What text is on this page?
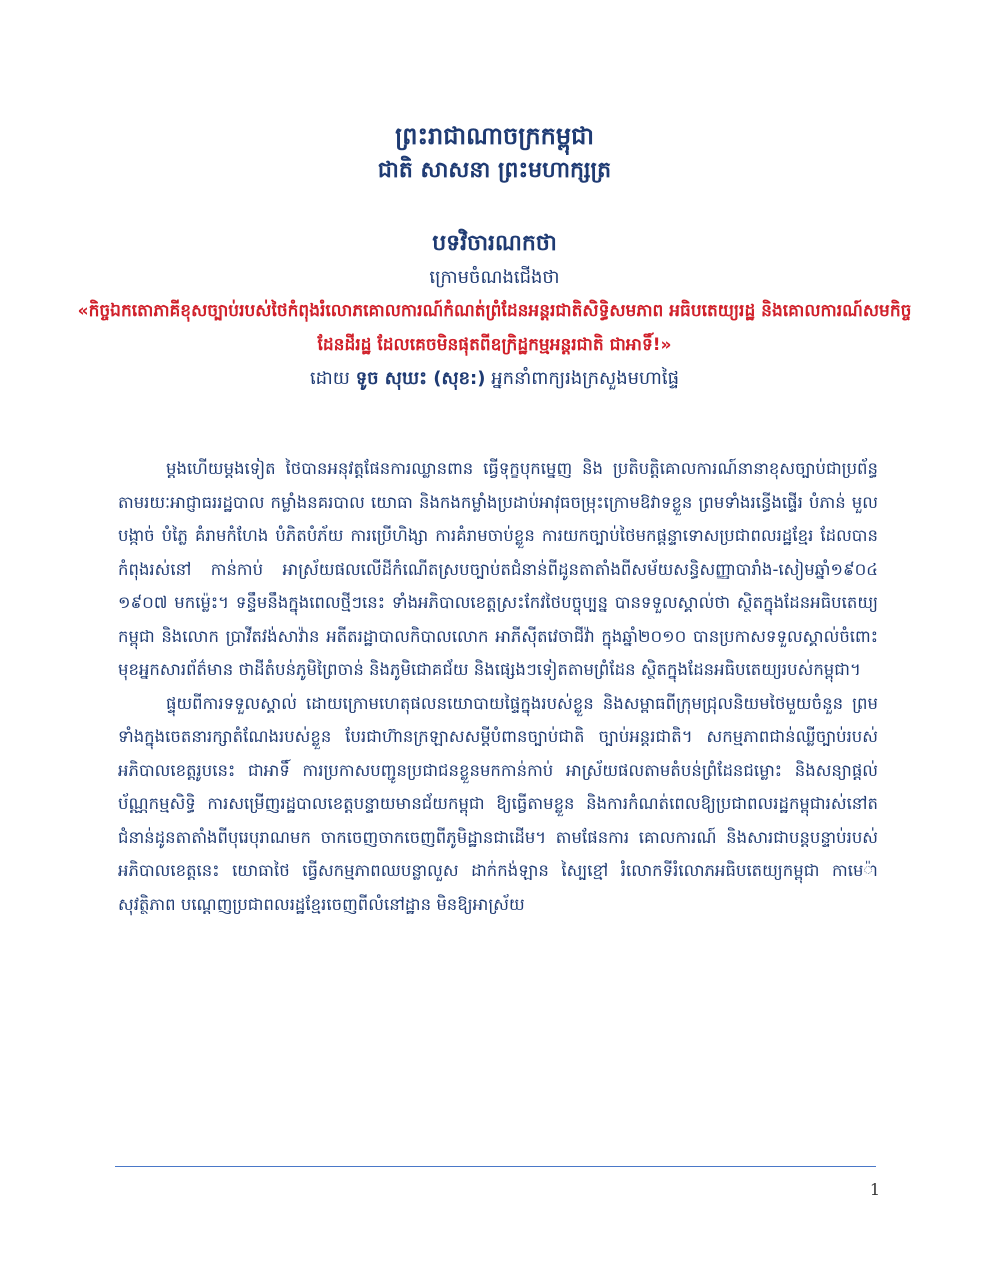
ព្រះរាជាណាចក្រកម្ពុជា
ជាតិ សាសនា ព្រះមហាក្សត្រ
បទវិចារណកថា
ក្រោមចំណងជើងថា
«កិច្ចឯកតោភាគីខុសច្បាប់របស់ថៃកំពុងរំលោភគោលការណ៍កំណត់ព្រំដែនអន្តរជាតិសិទ្ធិសមភាព អធិបតេយ្យរដ្ឋ និងគោលការណ៍សមកិច្ចដែនដីរដ្ឋ ដែលគេចមិនផុតពីឧក្រិដ្ឋកម្មអន្តរជាតិ ជាអាទិ៍!»
ដោយ ទូច សុឃះ (សុខ:) អ្នកនាំពាក្យរងក្រសួងមហាផ្ទៃ

ម្តងហើយម្តងទៀត ថៃបានអនុវត្តផែនការឈ្លានពាន ធ្វើទុក្ខបុកម្នេញ និង ប្រតិបត្តិគោលការណ៍នានាខុសច្បាប់ជាប្រព័ន្ធតាមរយៈអាជ្ញាធររដ្ឋបាល កម្លាំងនគរបាល យោធា និងកងកម្លាំងប្រដាប់អាវុធចម្រុះក្រោមឱវាទខ្លួន ព្រមទាំងរន្ធើងផ្ទើរ បំភាន់ មួលបង្កាច់ បំភ្លៃ គំរាមកំហែង បំភិតបំភ័យ ការប្រើហិង្សា ការគំរាមចាប់ខ្លួន ការយកច្បាប់ថៃមកផ្តន្ទាទោសប្រជាពលរដ្ឋខ្មែរ ដែលបានកំពុងរស់នៅ កាន់កាប់ អាស្រ័យផលលើដីកំណើតស្របច្បាប់តជំនាន់ពីដូនតាតាំងពីសម័យសន្ធិសញ្ញាបារាំង-សៀមឆ្នាំ១៩០៤ ១៩០៧ មកម៉្លេះ។ ទន្ទឹមនឹងក្នុងពេលថ្មីៗនេះ ទាំងអភិបាលខេត្តស្រះកែវថៃបច្ចុប្បន្ន បានទទួលស្គាល់ថា ស្ថិតក្នុងដែនអធិបតេយ្យកម្ពុជា និងលោក ប្រាវីតវង់សាវ៉ាន អតីតរដ្ឋាបាលកិបាលលោក អាភីស៊ីតវេចាជីវ៉ា ក្នុងឆ្នាំ២០១០ បានប្រកាសទទួលស្គាល់ចំពោះមុខអ្នកសារព័ត៌មាន ថាដីតំបន់ភូមិព្រៃចាន់ និងភូមិជោគជ័យ និងផ្សេងៗទៀតតាមព្រំដែន ស្ថិតក្នុងដែនអធិបតេយ្យរបស់កម្ពុជា។

ផ្ទុយពីការទទួលស្គាល់ ដោយក្រោមហេតុផលនយោបាយផ្ទៃក្នុងរបស់ខ្លួន និងសម្ពាធពីក្រុមជ្រុលនិយមថៃមួយចំនួន ព្រមទាំងក្នុងចេតនារក្សាតំណែងរបស់ខ្លួន បែរជាហ៊ានក្រឡាសសម្តីបំពានច្បាប់ជាតិ ច្បាប់អន្តរជាតិ។ សកម្មភាពជាន់ឈ្លីច្បាប់របស់អភិបាលខេត្តរូបនេះ ជាអាទិ៍ ការប្រកាសបញ្ជូនប្រជាជនខ្លួនមកកាន់កាប់ អាស្រ័យផលតាមតំបន់ព្រំដែនជម្លោះ និងសន្យាផ្តល់ប័ណ្ណកម្មសិទ្ធិ ការសម្រើញរដ្ឋបាលខេត្តបន្ទាយមានជ័យកម្ពុជា ឱ្យធ្វើតាមខ្លួន និងការកំណត់ពេលឱ្យប្រជាពលរដ្ឋកម្ពុជារស់នៅតជំនាន់ដូនតាតាំងពីបុរេបុរាណមក ចាកចេញចាកចេញពីភូមិដ្ឋានជាដើម។ តាមផែនការ គោលការណ៍ និងសារជាបន្តបន្ទាប់របស់អភិបាលខេត្តនេះ យោធាថៃ ធ្វើសកម្មភាពឈបន្លាលួស ដាក់កង់ឡាន ស្បៃខ្មៅ រំលោកទីរំលោភអធិបតេយ្យកម្ពុជា កាមេ៉ាសុវត្ថិភាព បណ្តេញប្រជាពលរដ្ឋខ្មែរចេញពីលំនៅដ្ឋាន មិនឱ្យអាស្រ័យ

1
